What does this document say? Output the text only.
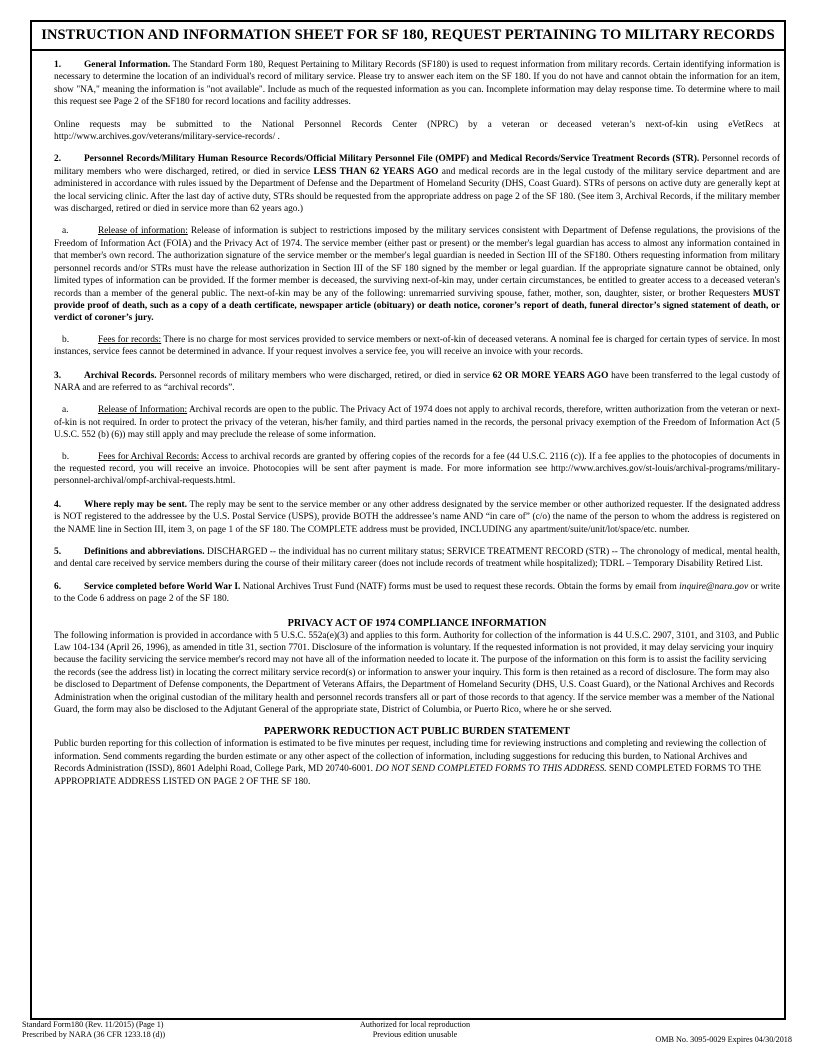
INSTRUCTION AND INFORMATION SHEET FOR SF 180, REQUEST PERTAINING TO MILITARY RECORDS
1. General Information. The Standard Form 180, Request Pertaining to Military Records (SF180) is used to request information from military records. Certain identifying information is necessary to determine the location of an individual's record of military service. Please try to answer each item on the SF 180. If you do not have and cannot obtain the information for an item, show "NA," meaning the information is "not available". Include as much of the requested information as you can. Incomplete information may delay response time. To determine where to mail this request see Page 2 of the SF180 for record locations and facility addresses.
Online requests may be submitted to the National Personnel Records Center (NPRC) by a veteran or deceased veteran’s next-of-kin using eVetRecs at http://www.archives.gov/veterans/military-service-records/ .
2. Personnel Records/Military Human Resource Records/Official Military Personnel File (OMPF) and Medical Records/Service Treatment Records (STR). Personnel records of military members who were discharged, retired, or died in service LESS THAN 62 YEARS AGO and medical records are in the legal custody of the military service department and are administered in accordance with rules issued by the Department of Defense and the Department of Homeland Security (DHS, Coast Guard). STRs of persons on active duty are generally kept at the local servicing clinic. After the last day of active duty, STRs should be requested from the appropriate address on page 2 of the SF 180. (See item 3, Archival Records, if the military member was discharged, retired or died in service more than 62 years ago.)
a.	Release of information: Release of information is subject to restrictions imposed by the military services consistent with Department of Defense regulations, the provisions of the Freedom of Information Act (FOIA) and the Privacy Act of 1974. The service member (either past or present) or the member's legal guardian has access to almost any information contained in that member's own record. The authorization signature of the service member or the member's legal guardian is needed in Section III of the SF180. Others requesting information from military personnel records and/or STRs must have the release authorization in Section III of the SF 180 signed by the member or legal guardian. If the appropriate signature cannot be obtained, only limited types of information can be provided. If the former member is deceased, the surviving next-of-kin may, under certain circumstances, be entitled to greater access to a deceased veteran's records than a member of the general public. The next-of-kin may be any of the following: unremarried surviving spouse, father, mother, son, daughter, sister, or brother Requesters MUST provide proof of death, such as a copy of a death certificate, newspaper article (obituary) or death notice, coroner’s report of death, funeral director’s signed statement of death, or verdict of coroner’s jury.
b.	Fees for records: There is no charge for most services provided to service members or next-of-kin of deceased veterans. A nominal fee is charged for certain types of service. In most instances, service fees cannot be determined in advance. If your request involves a service fee, you will receive an invoice with your records.
3. Archival Records. Personnel records of military members who were discharged, retired, or died in service 62 OR MORE YEARS AGO have been transferred to the legal custody of NARA and are referred to as “archival records”.
a.	Release of Information: Archival records are open to the public. The Privacy Act of 1974 does not apply to archival records, therefore, written authorization from the veteran or next-of-kin is not required. In order to protect the privacy of the veteran, his/her family, and third parties named in the records, the personal privacy exemption of the Freedom of Information Act (5 U.S.C. 552 (b) (6)) may still apply and may preclude the release of some information.
b.	Fees for Archival Records: Access to archival records are granted by offering copies of the records for a fee (44 U.S.C. 2116 (c)). If a fee applies to the photocopies of documents in the requested record, you will receive an invoice. Photocopies will be sent after payment is made. For more information see http://www.archives.gov/st-louis/archival-programs/military-personnel-archival/ompf-archival-requests.html.
4. Where reply may be sent. The reply may be sent to the service member or any other address designated by the service member or other authorized requester. If the designated address is NOT registered to the addressee by the U.S. Postal Service (USPS), provide BOTH the addressee’s name AND “in care of” (c/o) the name of the person to whom the address is registered on the NAME line in Section III, item 3, on page 1 of the SF 180. The COMPLETE address must be provided, INCLUDING any apartment/suite/unit/lot/space/etc. number.
5. Definitions and abbreviations. DISCHARGED -- the individual has no current military status; SERVICE TREATMENT RECORD (STR) -- The chronology of medical, mental health, and dental care received by service members during the course of their military career (does not include records of treatment while hospitalized); TDRL – Temporary Disability Retired List.
6. Service completed before World War I. National Archives Trust Fund (NATF) forms must be used to request these records. Obtain the forms by email from inquire@nara.gov or write to the Code 6 address on page 2 of the SF 180.
PRIVACY ACT OF 1974 COMPLIANCE INFORMATION
The following information is provided in accordance with 5 U.S.C. 552a(e)(3) and applies to this form. Authority for collection of the information is 44 U.S.C. 2907, 3101, and 3103, and Public Law 104-134 (April 26, 1996), as amended in title 31, section 7701. Disclosure of the information is voluntary. If the requested information is not provided, it may delay servicing your inquiry because the facility servicing the service member's record may not have all of the information needed to locate it. The purpose of the information on this form is to assist the facility servicing the records (see the address list) in locating the correct military service record(s) or information to answer your inquiry. This form is then retained as a record of disclosure. The form may also be disclosed to Department of Defense components, the Department of Veterans Affairs, the Department of Homeland Security (DHS, U.S. Coast Guard), or the National Archives and Records Administration when the original custodian of the military health and personnel records transfers all or part of those records to that agency. If the service member was a member of the National Guard, the form may also be disclosed to the Adjutant General of the appropriate state, District of Columbia, or Puerto Rico, where he or she served.
PAPERWORK REDUCTION ACT PUBLIC BURDEN STATEMENT
Public burden reporting for this collection of information is estimated to be five minutes per request, including time for reviewing instructions and completing and reviewing the collection of information. Send comments regarding the burden estimate or any other aspect of the collection of information, including suggestions for reducing this burden, to National Archives and Records Administration (ISSD), 8601 Adelphi Road, College Park, MD 20740-6001. DO NOT SEND COMPLETED FORMS TO THIS ADDRESS. SEND COMPLETED FORMS TO THE APPROPRIATE ADDRESS LISTED ON PAGE 2 OF THE SF 180.
Standard Form180 (Rev. 11/2015) (Page 1)
Prescribed by NARA (36 CFR 1233.18 (d))
Authorized for local reproduction
Previous edition unusable
OMB No. 3095-0029 Expires 04/30/2018
